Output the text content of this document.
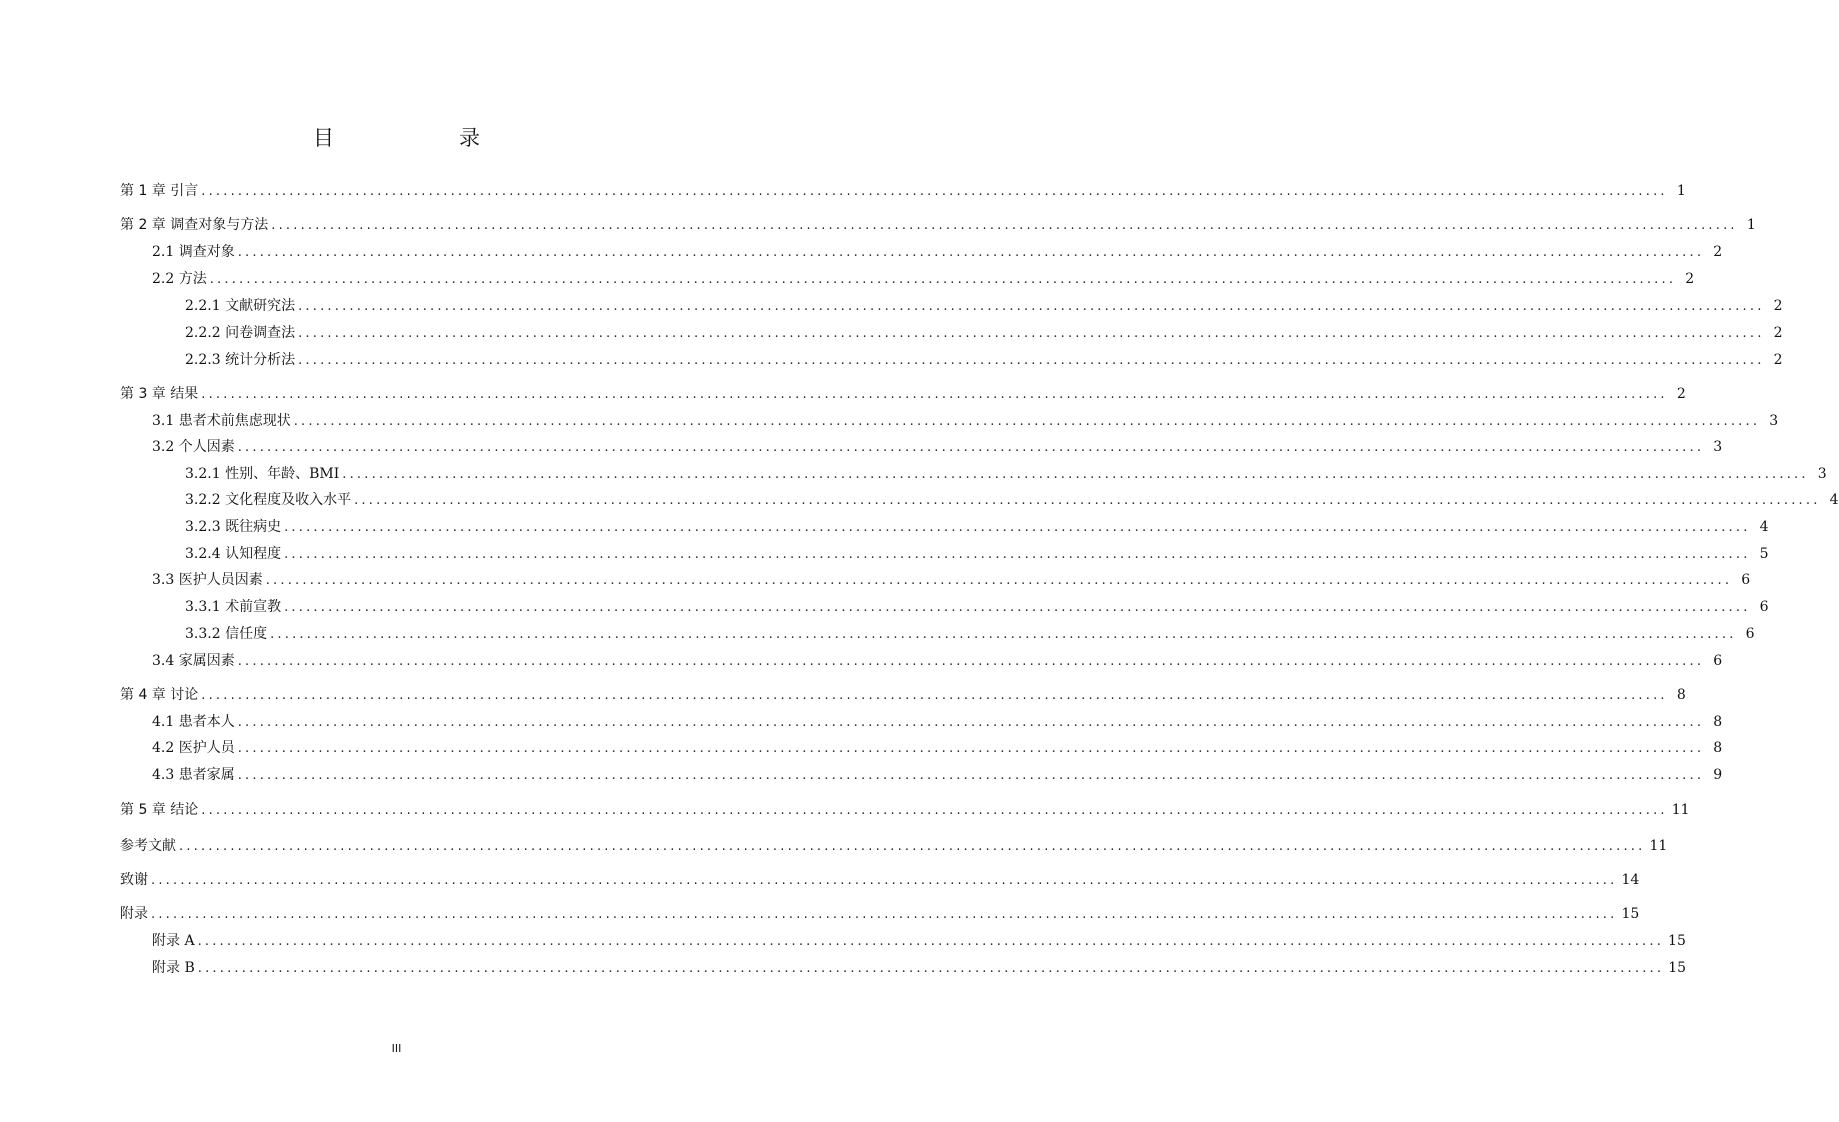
目　录
第 1 章 引言 ........................................................................................................................................................................................................ 1
第 2 章 调查对象与方法 ........................................................................................................................................................................................................ 1
2.1 调查对象 ........................................................................................................................................................................................................ 2
2.2 方法 ........................................................................................................................................................................................................ 2
2.2.1 文献研究法 ........................................................................................................................................................................................................ 2
2.2.2 问卷调查法 ........................................................................................................................................................................................................ 2
2.2.3 统计分析法 ........................................................................................................................................................................................................ 2
第 3 章 结果 ........................................................................................................................................................................................................ 2
3.1 患者术前焦虑现状 ........................................................................................................................................................................................................ 3
3.2 个人因素 ........................................................................................................................................................................................................ 3
3.2.1 性别、年龄、BMI ........................................................................................................................................................................................................ 3
3.2.2 文化程度及收入水平 ........................................................................................................................................................................................................ 4
3.2.3 既往病史 ........................................................................................................................................................................................................ 4
3.2.4 认知程度 ........................................................................................................................................................................................................ 5
3.3 医护人员因素 ........................................................................................................................................................................................................ 6
3.3.1 术前宣教 ........................................................................................................................................................................................................ 6
3.3.2 信任度 ........................................................................................................................................................................................................ 6
3.4 家属因素 ........................................................................................................................................................................................................ 6
第 4 章 讨论 ........................................................................................................................................................................................................ 8
4.1 患者本人 ........................................................................................................................................................................................................ 8
4.2 医护人员 ........................................................................................................................................................................................................ 8
4.3 患者家属 ........................................................................................................................................................................................................ 9
第 5 章 结论 ........................................................................................................................................................................................................ 11
参考文献 ........................................................................................................................................................................................................ 11
致谢 ........................................................................................................................................................................................................ 14
附录 ........................................................................................................................................................................................................ 15
附录 A ........................................................................................................................................................................................................ 15
附录 B ........................................................................................................................................................................................................ 15
III
